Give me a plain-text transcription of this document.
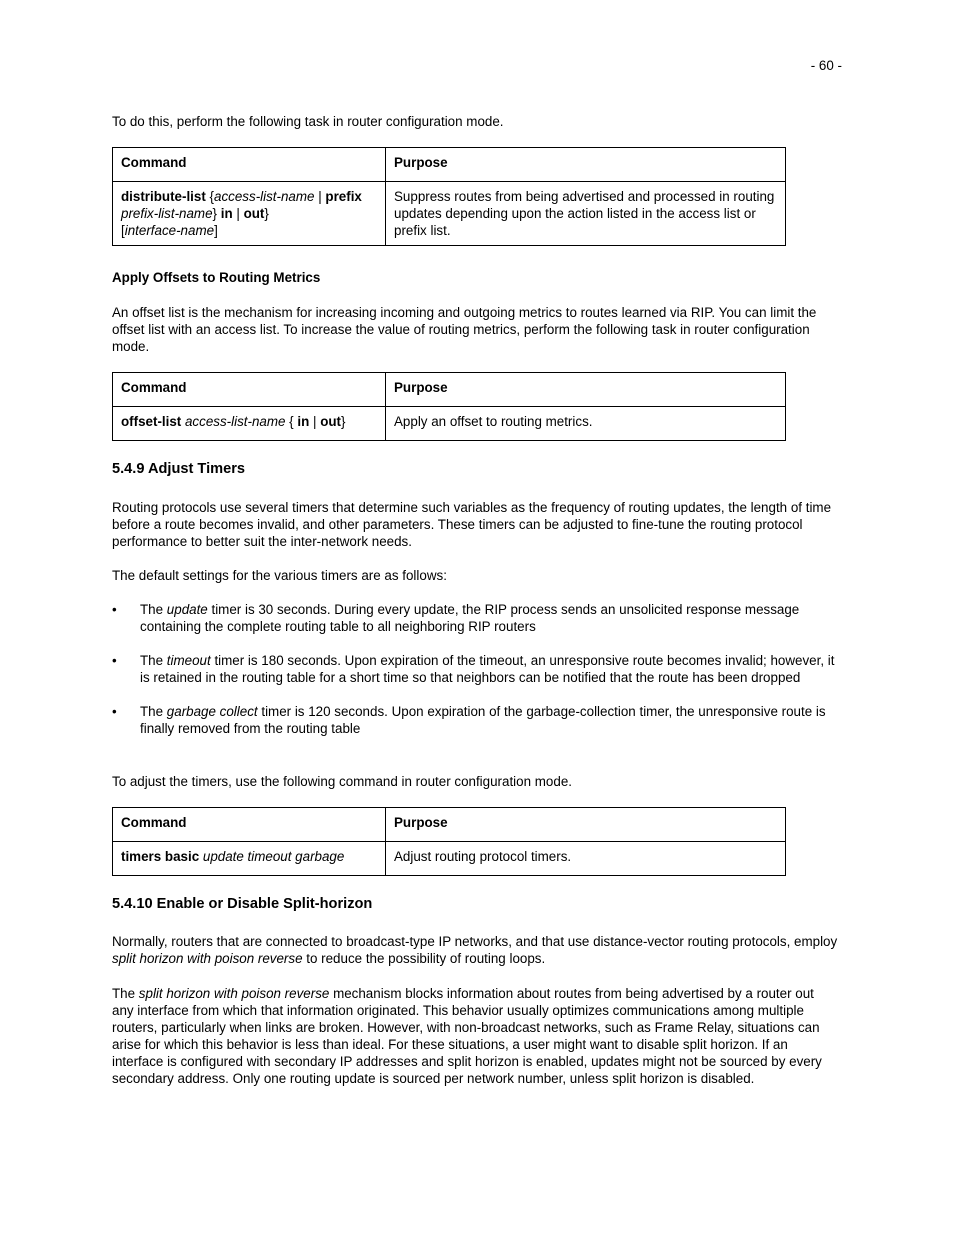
- 60 -

To do this, perform the following task in router configuration mode.

Command	Purpose
distribute-list {access-list-name | prefix
prefix-list-name} in | out}
[interface-name]	Suppress routes from being advertised and processed in routing updates depending upon the action listed in the access list or prefix list.
Apply Offsets to Routing Metrics

An offset list is the mechanism for increasing incoming and outgoing metrics to routes learned via RIP. You can limit the offset list with an access list. To increase the value of routing metrics, perform the following task in router configuration mode.

Command	Purpose
offset-list access-list-name { in | out}	Apply an offset to routing metrics.
5.4.9 Adjust Timers

Routing protocols use several timers that determine such variables as the frequency of routing updates, the length of time before a route becomes invalid, and other parameters. These timers can be adjusted to fine-tune the routing protocol performance to better suit the inter-network needs.

The default settings for the various timers are as follows:

• The update timer is 30 seconds. During every update, the RIP process sends an unsolicited response message containing the complete routing table to all neighboring RIP routers
• The timeout timer is 180 seconds. Upon expiration of the timeout, an unresponsive route becomes invalid; however, it is retained in the routing table for a short time so that neighbors can be notified that the route has been dropped
• The garbage collect timer is 120 seconds. Upon expiration of the garbage-collection timer, the unresponsive route is finally removed from the routing table

To adjust the timers, use the following command in router configuration mode.

Command	Purpose
timers basic update timeout garbage	Adjust routing protocol timers.
5.4.10 Enable or Disable Split-horizon

Normally, routers that are connected to broadcast-type IP networks, and that use distance-vector routing protocols, employ split horizon with poison reverse to reduce the possibility of routing loops.

The split horizon with poison reverse mechanism blocks information about routes from being advertised by a router out any interface from which that information originated. This behavior usually optimizes communications among multiple routers, particularly when links are broken. However, with non-broadcast networks, such as Frame Relay, situations can arise for which this behavior is less than ideal. For these situations, a user might want to disable split horizon. If an interface is configured with secondary IP addresses and split horizon is enabled, updates might not be sourced by every secondary address. Only one routing update is sourced per network number, unless split horizon is disabled.
